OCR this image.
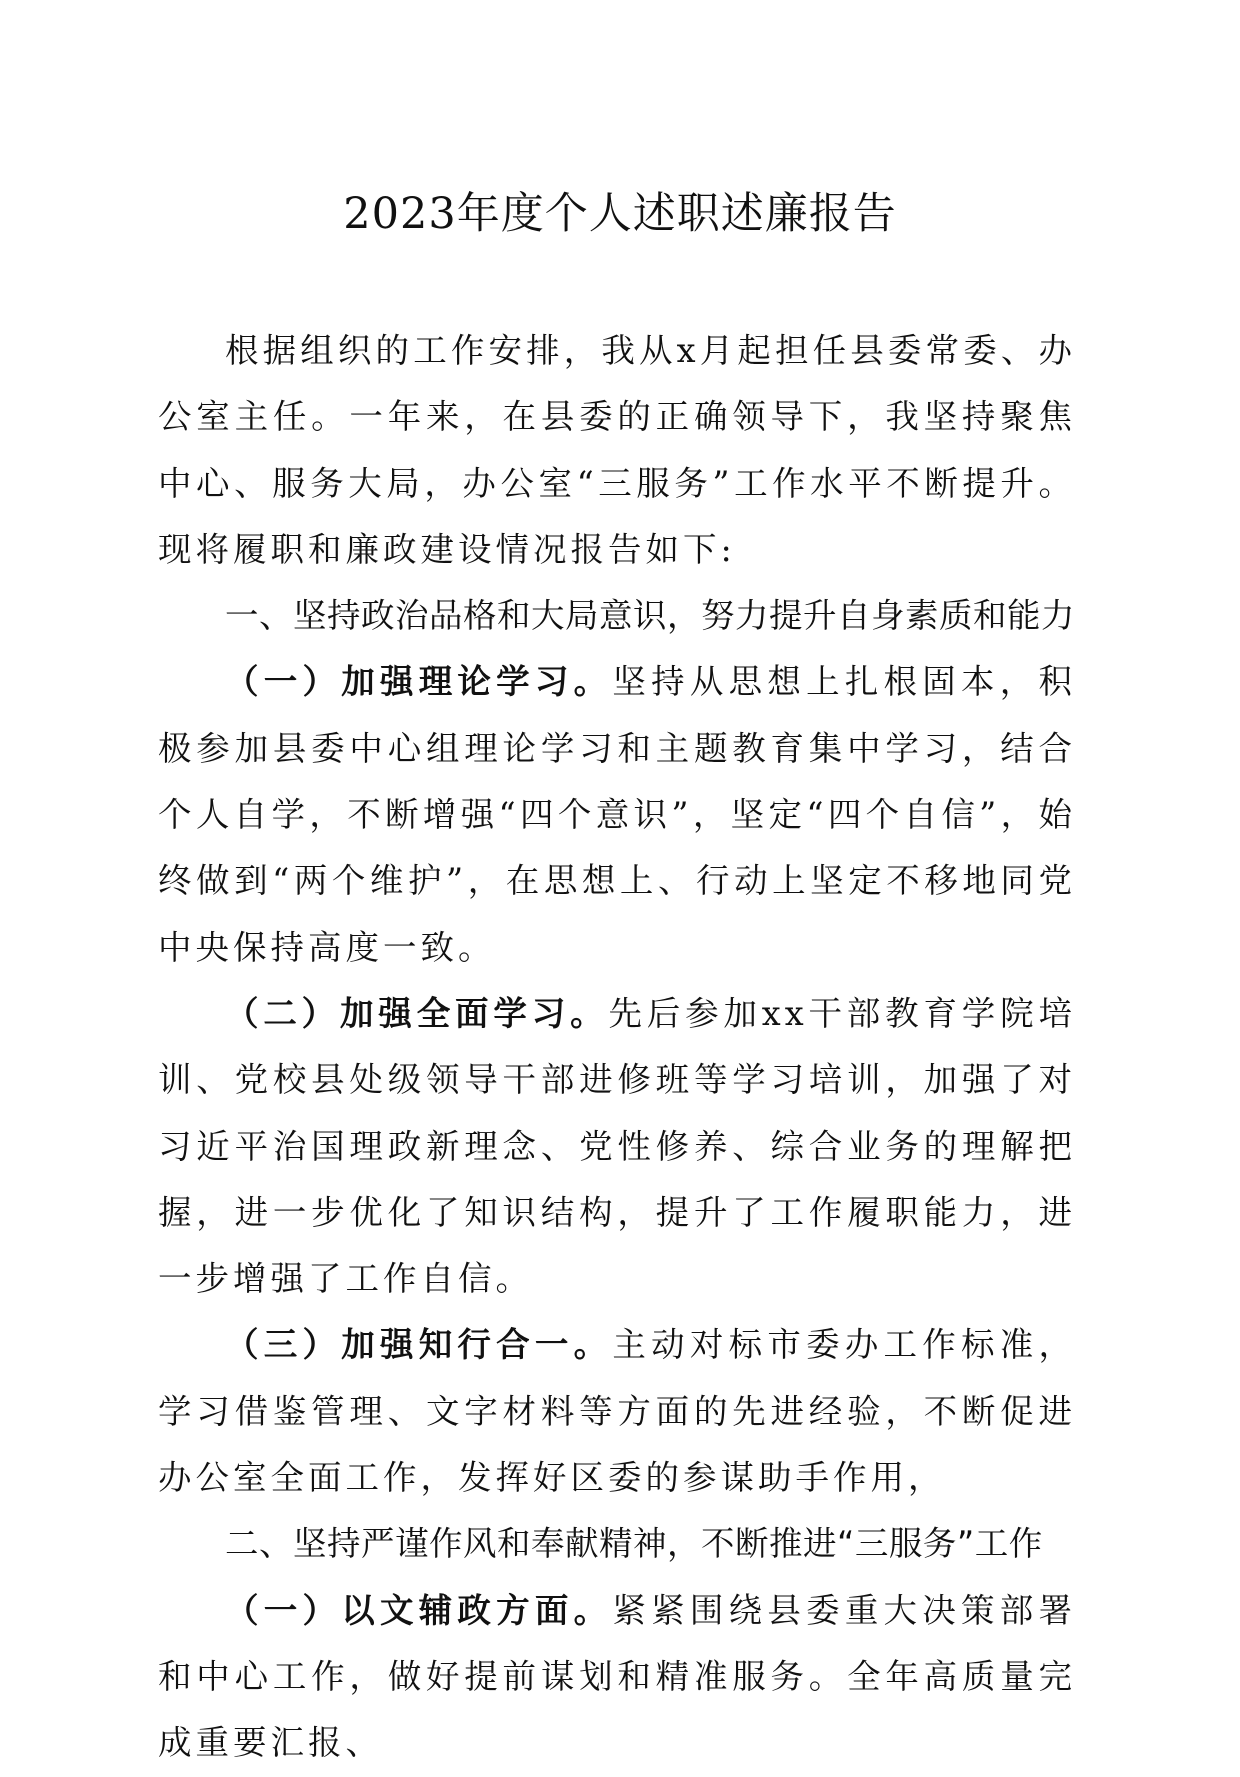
2023年度个人述职述廉报告

根据组织的工作安排，我从x月起担任县委常委、办公室主任。一年来，在县委的正确领导下，我坚持聚焦中心、服务大局，办公室“三服务”工作水平不断提升。现将履职和廉政建设情况报告如下:

一、坚持政治品格和大局意识，努力提升自身素质和能力

（一）加强理论学习。坚持从思想上扎根固本，积极参加县委中心组理论学习和主题教育集中学习，结合个人自学，不断增强“四个意识”，坚定“四个自信”，始终做到“两个维护”，在思想上、行动上坚定不移地同党中央保持高度一致。

（二）加强全面学习。先后参加xx干部教育学院培训、党校县处级领导干部进修班等学习培训，加强了对习近平治国理政新理念、党性修养、综合业务的理解把握，进一步优化了知识结构，提升了工作履职能力，进一步增强了工作自信。

（三）加强知行合一。主动对标市委办工作标准，学习借鉴管理、文字材料等方面的先进经验，不断促进办公室全面工作，发挥好区委的参谋助手作用，

二、坚持严谨作风和奉献精神，不断推进“三服务”工作

（一）以文辅政方面。紧紧围绕县委重大决策部署和中心工作，做好提前谋划和精准服务。全年高质量完成重要汇报、
